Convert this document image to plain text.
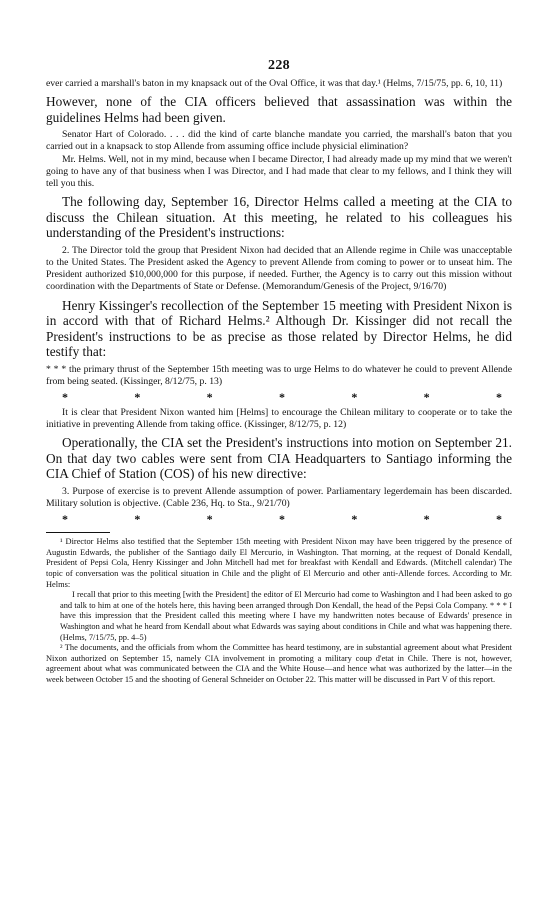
228

ever carried a marshall's baton in my knapsack out of the Oval Office, it was that day.¹ (Helms, 7/15/75, pp. 6, 10, 11)

However, none of the CIA officers believed that assassination was within the guidelines Helms had been given.

Senator Hart of Colorado. . . . did the kind of carte blanche mandate you carried, the marshall's baton that you carried out in a knapsack to stop Allende from assuming office include physicial elimination?

Mr. Helms. Well, not in my mind, because when I became Director, I had already made up my mind that we weren't going to have any of that business when I was Director, and I had made that clear to my fellows, and I think they will tell you this.

The following day, September 16, Director Helms called a meeting at the CIA to discuss the Chilean situation. At this meeting, he related to his colleagues his understanding of the President's instructions:

2. The Director told the group that President Nixon had decided that an Allende regime in Chile was unacceptable to the United States. The President asked the Agency to prevent Allende from coming to power or to unseat him. The President authorized $10,000,000 for this purpose, if needed. Further, the Agency is to carry out this mission without coordination with the Departments of State or Defense. (Memorandum/Genesis of the Project, 9/16/70)

Henry Kissinger's recollection of the September 15 meeting with President Nixon is in accord with that of Richard Helms.² Although Dr. Kissinger did not recall the President's instructions to be as precise as those related by Director Helms, he did testify that:

* * * the primary thrust of the September 15th meeting was to urge Helms to do whatever he could to prevent Allende from being seated. (Kissinger, 8/12/75, p. 13)

*	*	*	*	*	*	*

It is clear that President Nixon wanted him [Helms] to encourage the Chilean military to cooperate or to take the initiative in preventing Allende from taking office. (Kissinger, 8/12/75, p. 12)

Operationally, the CIA set the President's instructions into motion on September 21. On that day two cables were sent from CIA Headquarters to Santiago informing the CIA Chief of Station (COS) of his new directive:

3. Purpose of exercise is to prevent Allende assumption of power. Parliamentary legerdemain has been discarded. Military solution is objective. (Cable 236, Hq. to Sta., 9/21/70)

*	*	*	*	*	*	*

¹ Director Helms also testified that the September 15th meeting with President Nixon may have been triggered by the presence of Augustin Edwards, the publisher of the Santiago daily El Mercurio, in Washington. That morning, at the request of Donald Kendall, President of Pepsi Cola, Henry Kissinger and John Mitchell had met for breakfast with Kendall and Edwards. (Mitchell calendar) The topic of conversation was the political situation in Chile and the plight of El Mercurio and other anti-Allende forces. According to Mr. Helms:

I recall that prior to this meeting [with the President] the editor of El Mercurio had come to Washington and I had been asked to go and talk to him at one of the hotels here, this having been arranged through Don Kendall, the head of the Pepsi Cola Company. * * * I have this impression that the President called this meeting where I have my handwritten notes because of Edwards' presence in Washington and what he heard from Kendall about what Edwards was saying about conditions in Chile and what was happening there. (Helms, 7/15/75, pp. 4–5)

² The documents, and the officials from whom the Committee has heard testimony, are in substantial agreement about what President Nixon authorized on September 15, namely CIA involvement in promoting a military coup d'etat in Chile. There is not, however, agreement about what was communicated between the CIA and the White House—and hence what was authorized by the latter—in the week between October 15 and the shooting of General Schneider on October 22. This matter will be discussed in Part V of this report.
